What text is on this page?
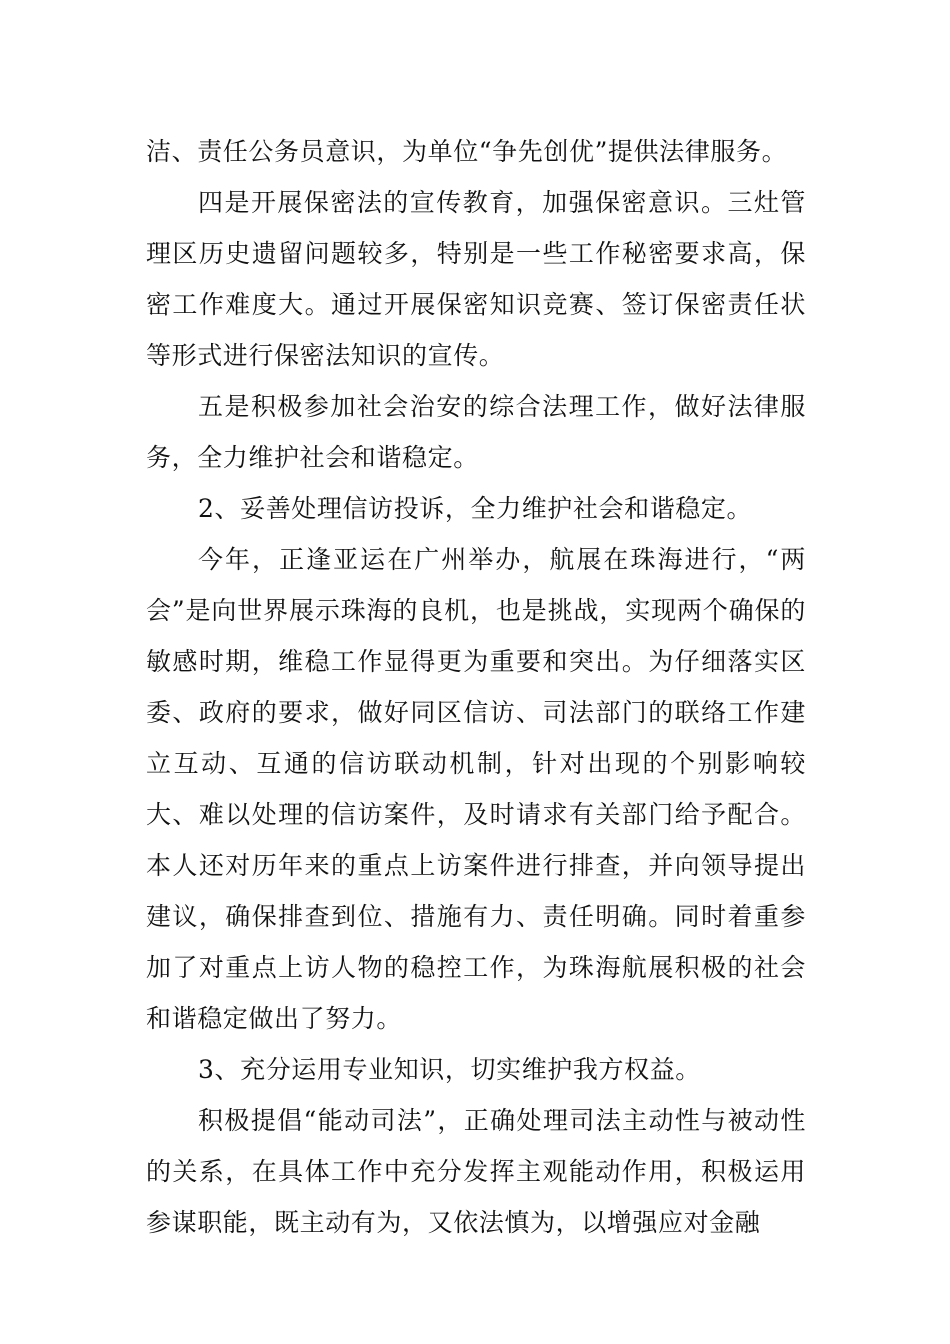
洁、责任公务员意识，为单位“争先创优”提供法律服务。

四是开展保密法的宣传教育，加强保密意识。三灶管理区历史遗留问题较多，特别是一些工作秘密要求高，保密工作难度大。通过开展保密知识竞赛、签订保密责任状等形式进行保密法知识的宣传。

五是积极参加社会治安的综合法理工作，做好法律服务，全力维护社会和谐稳定。

2、妥善处理信访投诉，全力维护社会和谐稳定。

今年，正逢亚运在广州举办，航展在珠海进行，“两会”是向世界展示珠海的良机，也是挑战，实现两个确保的敏感时期，维稳工作显得更为重要和突出。为仔细落实区委、政府的要求，做好同区信访、司法部门的联络工作建立互动、互通的信访联动机制，针对出现的个别影响较大、难以处理的信访案件，及时请求有关部门给予配合。本人还对历年来的重点上访案件进行排查，并向领导提出建议，确保排查到位、措施有力、责任明确。同时着重参加了对重点上访人物的稳控工作，为珠海航展积极的社会和谐稳定做出了努力。

3、充分运用专业知识，切实维护我方权益。

积极提倡“能动司法”，正确处理司法主动性与被动性的关系，在具体工作中充分发挥主观能动作用，积极运用参谋职能，既主动有为，又依法慎为，以增强应对金融
